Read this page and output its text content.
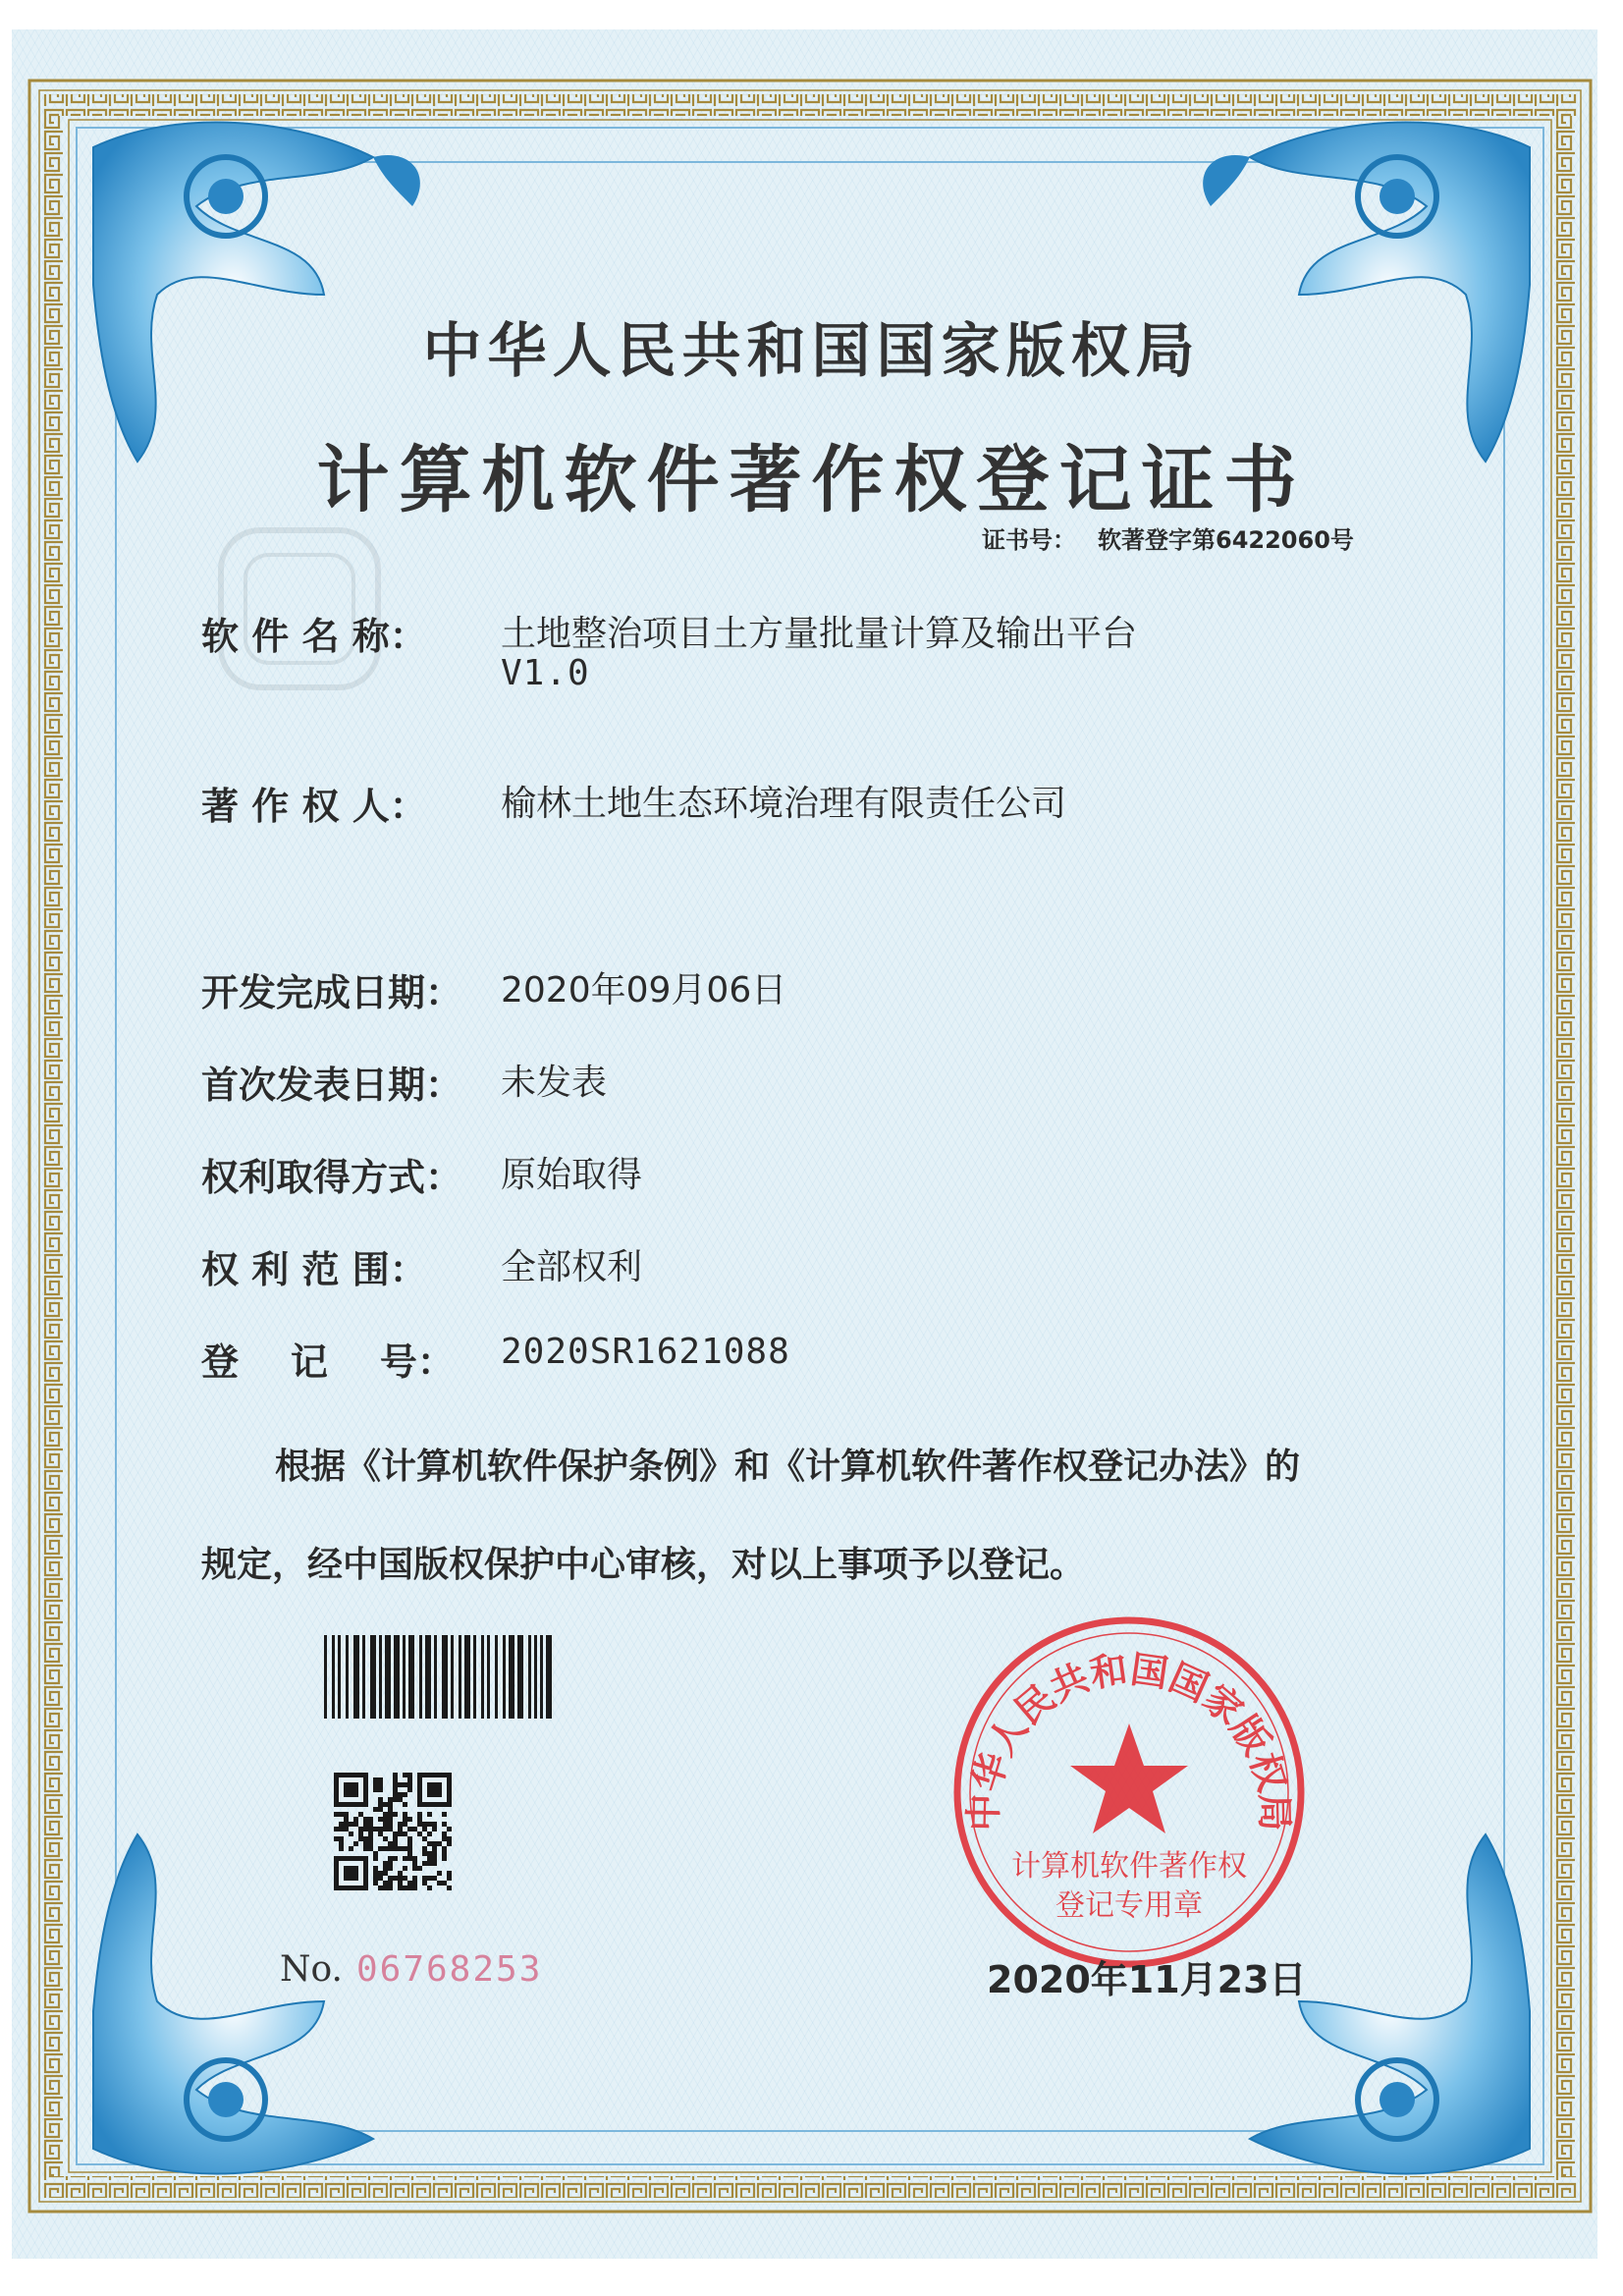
中华人民共和国国家版权局
计算机软件著作权
登记专用章
中华人民共和国国家版权局
计算机软件著作权登记证书
证书号： 软著登字第6422060号
软 件 名 称： 土地整治项目土方量批量计算及输出平台
V1.0
著 作 权 人： 榆林土地生态环境治理有限责任公司
开发完成日期： 2020年09月06日
首次发表日期： 未发表
权利取得方式： 原始取得
权 利 范 围： 全部权利
登    记    号： 2020SR1621088
根据《计算机软件保护条例》和《计算机软件著作权登记办法》的
规定，经中国版权保护中心审核，对以上事项予以登记。
No. 06768253	2020年11月23日
